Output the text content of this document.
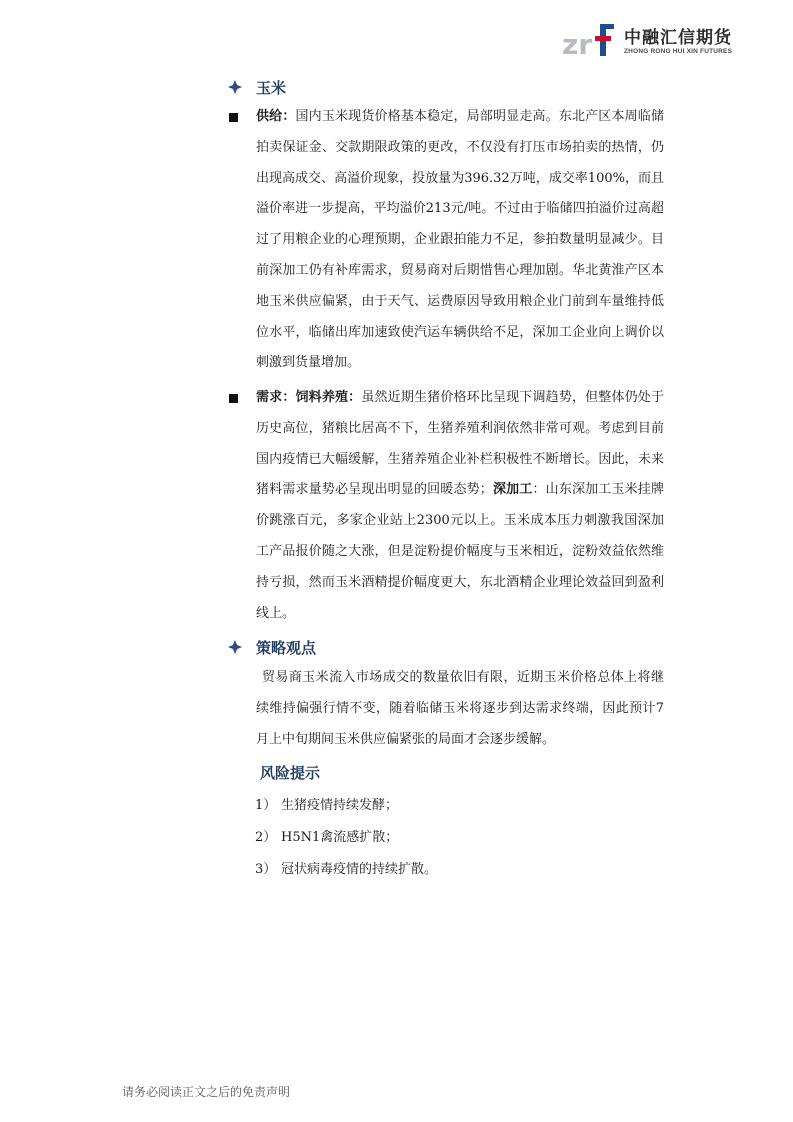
zr 中融汇信期货
ZHONG RONG HUI XIN FUTURES
玉米

供给：国内玉米现货价格基本稳定，局部明显走高。东北产区本周临储拍卖保证金、交款期限政策的更改，不仅没有打压市场拍卖的热情，仍出现高成交、高溢价现象，投放量为396.32万吨，成交率100%，而且溢价率进一步提高，平均溢价213元/吨。不过由于临储四拍溢价过高超过了用粮企业的心理预期，企业跟拍能力不足，参拍数量明显减少。目前深加工仍有补库需求，贸易商对后期惜售心理加剧。华北黄淮产区本地玉米供应偏紧，由于天气、运费原因导致用粮企业门前到车量维持低位水平，临储出库加速致使汽运车辆供给不足，深加工企业向上调价以刺激到货量增加。

需求：饲料养殖：虽然近期生猪价格环比呈现下调趋势，但整体仍处于历史高位，猪粮比居高不下，生猪养殖利润依然非常可观。考虑到目前国内疫情已大幅缓解，生猪养殖企业补栏积极性不断增长。因此，未来猪料需求量势必呈现出明显的回暖态势；深加工：山东深加工玉米挂牌价跳涨百元，多家企业站上2300元以上。玉米成本压力刺激我国深加工产品报价随之大涨，但是淀粉提价幅度与玉米相近，淀粉效益依然维持亏损，然而玉米酒精提价幅度更大，东北酒精企业理论效益回到盈利线上。

策略观点

贸易商玉米流入市场成交的数量依旧有限，近期玉米价格总体上将继续维持偏强行情不变，随着临储玉米将逐步到达需求终端，因此预计7月上中旬期间玉米供应偏紧张的局面才会逐步缓解。

风险提示
1） 生猪疫情持续发酵；
2） H5N1禽流感扩散；
3） 冠状病毒疫情的持续扩散。
请务必阅读正文之后的免责声明
